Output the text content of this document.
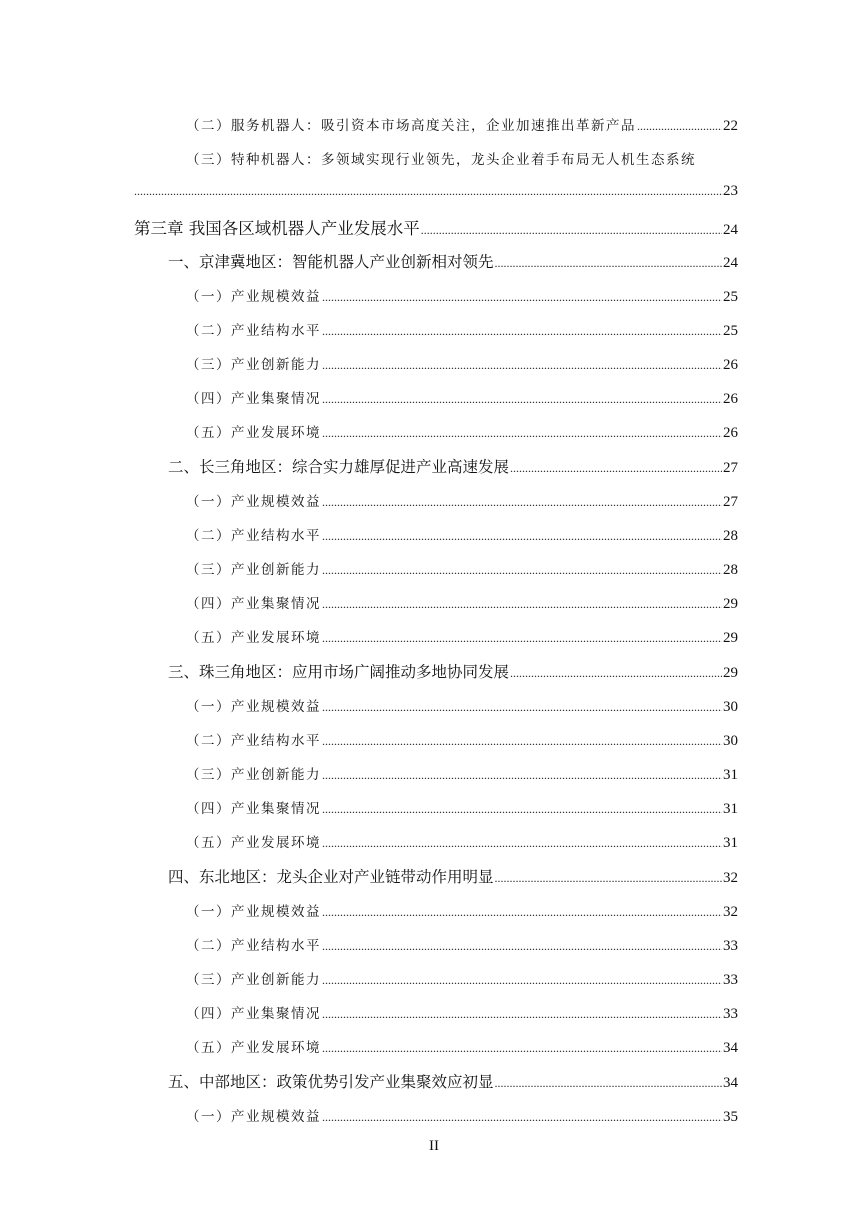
（二）服务机器人：吸引资本市场高度关注，企业加速推出革新产品 .....	22
（三）特种机器人：多领域实现行业领先，龙头企业着手布局无人机生态系统
.....
23
第三章 我国各区域机器人产业发展水平 .....	24
一、京津冀地区：智能机器人产业创新相对领先 .....	24
（一）产业规模效益 .....	25
（二）产业结构水平 .....	25
（三）产业创新能力 .....	26
（四）产业集聚情况 .....	26
（五）产业发展环境 .....	26
二、长三角地区：综合实力雄厚促进产业高速发展 .....	27
（一）产业规模效益 .....	27
（二）产业结构水平 .....	28
（三）产业创新能力 .....	28
（四）产业集聚情况 .....	29
（五）产业发展环境 .....	29
三、珠三角地区：应用市场广阔推动多地协同发展 .....	29
（一）产业规模效益 .....	30
（二）产业结构水平 .....	30
（三）产业创新能力 .....	31
（四）产业集聚情况 .....	31
（五）产业发展环境 .....	31
四、东北地区：龙头企业对产业链带动作用明显 .....	32
（一）产业规模效益 .....	32
（二）产业结构水平 .....	33
（三）产业创新能力 .....	33
（四）产业集聚情况 .....	33
（五）产业发展环境 .....	34
五、中部地区：政策优势引发产业集聚效应初显 .....	34
（一）产业规模效益 .....	35
II
